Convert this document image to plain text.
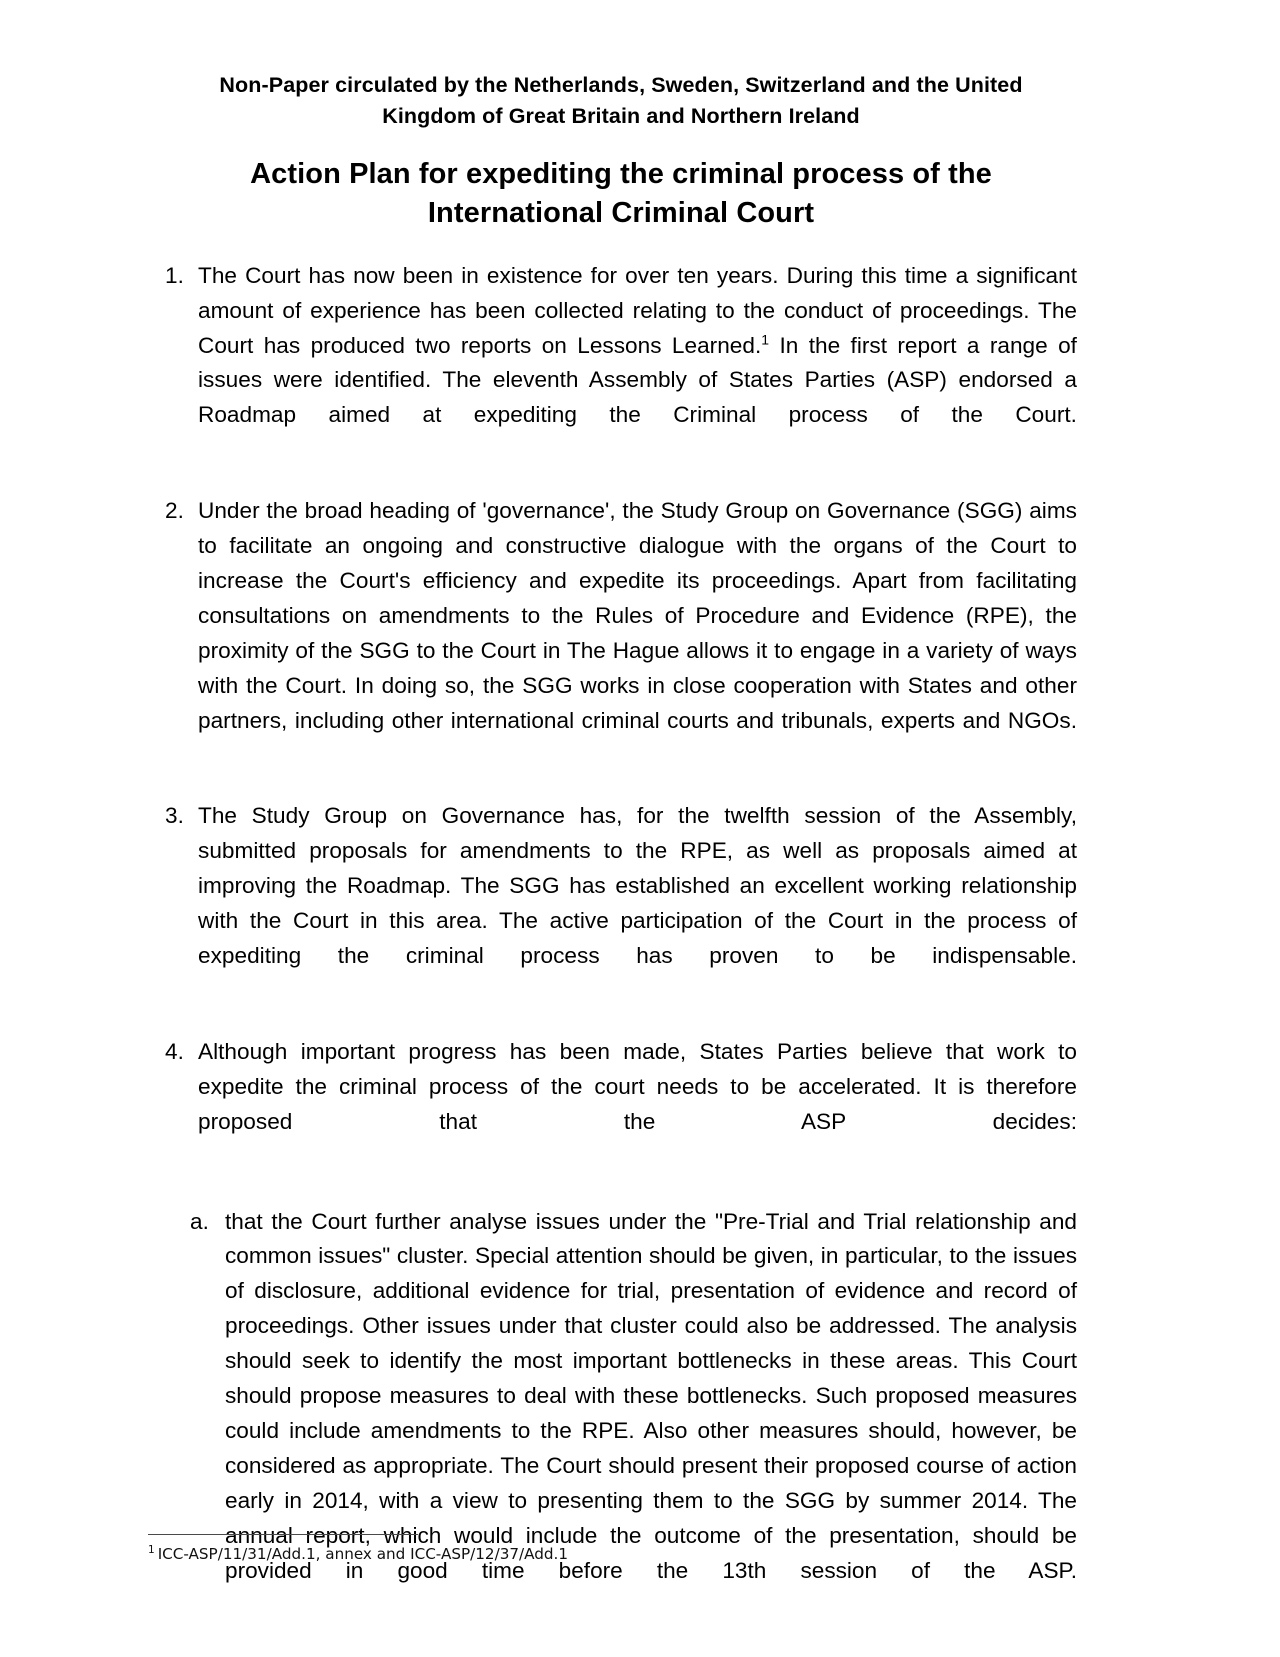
Non-Paper circulated by the Netherlands, Sweden, Switzerland and the United Kingdom of Great Britain and Northern Ireland
Action Plan for expediting the criminal process of the International Criminal Court
1. The Court has now been in existence for over ten years. During this time a significant amount of experience has been collected relating to the conduct of proceedings. The Court has produced two reports on Lessons Learned.$^1$ In the first report a range of issues were identified. The eleventh Assembly of States Parties (ASP) endorsed a Roadmap aimed at expediting the Criminal process of the Court.
2. Under the broad heading of 'governance', the Study Group on Governance (SGG) aims to facilitate an ongoing and constructive dialogue with the organs of the Court to increase the Court's efficiency and expedite its proceedings. Apart from facilitating consultations on amendments to the Rules of Procedure and Evidence (RPE), the proximity of the SGG to the Court in The Hague allows it to engage in a variety of ways with the Court. In doing so, the SGG works in close cooperation with States and other partners, including other international criminal courts and tribunals, experts and NGOs.
3. The Study Group on Governance has, for the twelfth session of the Assembly, submitted proposals for amendments to the RPE, as well as proposals aimed at improving the Roadmap. The SGG has established an excellent working relationship with the Court in this area. The active participation of the Court in the process of expediting the criminal process has proven to be indispensable.
4. Although important progress has been made, States Parties believe that work to expedite the criminal process of the court needs to be accelerated. It is therefore proposed that the ASP decides:
a. that the Court further analyse issues under the "Pre-Trial and Trial relationship and common issues" cluster. Special attention should be given, in particular, to the issues of disclosure, additional evidence for trial, presentation of evidence and record of proceedings. Other issues under that cluster could also be addressed. The analysis should seek to identify the most important bottlenecks in these areas. This Court should propose measures to deal with these bottlenecks. Such proposed measures could include amendments to the RPE. Also other measures should, however, be considered as appropriate. The Court should present their proposed course of action early in 2014, with a view to presenting them to the SGG by summer 2014. The annual report, which would include the outcome of the presentation, should be provided in good time before the 13th session of the ASP.
$^1$ ICC-ASP/11/31/Add.1, annex and ICC-ASP/12/37/Add.1
